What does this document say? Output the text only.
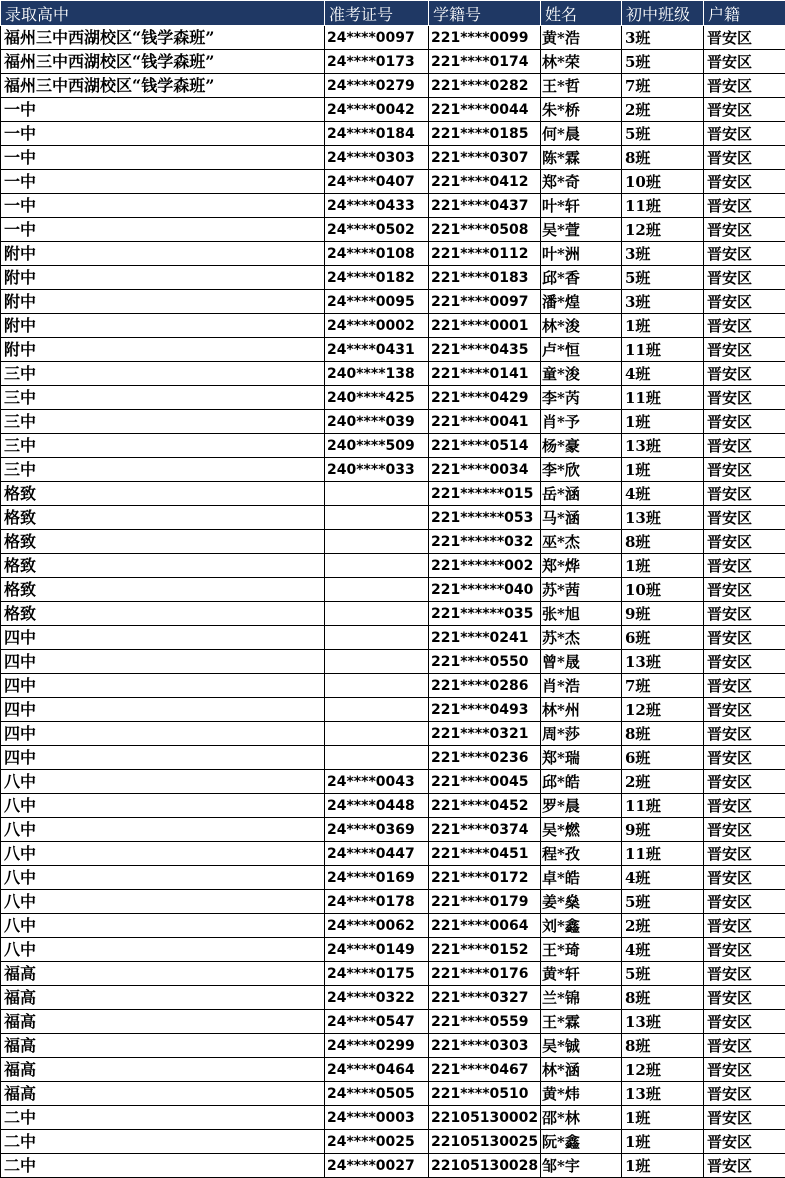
录取高中	准考证号	学籍号	姓名	初中班级	户籍
福州三中西湖校区“钱学森班”	24****0097	221****0099	黄*浩	3班	晋安区
福州三中西湖校区“钱学森班”	24****0173	221****0174	林*荣	5班	晋安区
福州三中西湖校区“钱学森班”	24****0279	221****0282	王*哲	7班	晋安区
一中	24****0042	221****0044	朱*桥	2班	晋安区
一中	24****0184	221****0185	何*晨	5班	晋安区
一中	24****0303	221****0307	陈*霖	8班	晋安区
一中	24****0407	221****0412	郑*奇	10班	晋安区
一中	24****0433	221****0437	叶*轩	11班	晋安区
一中	24****0502	221****0508	吴*萱	12班	晋安区
附中	24****0108	221****0112	叶*洲	3班	晋安区
附中	24****0182	221****0183	邱*香	5班	晋安区
附中	24****0095	221****0097	潘*煌	3班	晋安区
附中	24****0002	221****0001	林*浚	1班	晋安区
附中	24****0431	221****0435	卢*恒	11班	晋安区
三中	240****138	221****0141	童*浚	4班	晋安区
三中	240****425	221****0429	李*芮	11班	晋安区
三中	240****039	221****0041	肖*予	1班	晋安区
三中	240****509	221****0514	杨*豪	13班	晋安区
三中	240****033	221****0034	李*欣	1班	晋安区
格致		221******015	岳*涵	4班	晋安区
格致		221******053	马*涵	13班	晋安区
格致		221******032	巫*杰	8班	晋安区
格致		221******002	郑*烨	1班	晋安区
格致		221******040	苏*茜	10班	晋安区
格致		221******035	张*旭	9班	晋安区
四中		221****0241	苏*杰	6班	晋安区
四中		221****0550	曾*晟	13班	晋安区
四中		221****0286	肖*浩	7班	晋安区
四中		221****0493	林*州	12班	晋安区
四中		221****0321	周*莎	8班	晋安区
四中		221****0236	郑*瑞	6班	晋安区
八中	24****0043	221****0045	邱*皓	2班	晋安区
八中	24****0448	221****0452	罗*晨	11班	晋安区
八中	24****0369	221****0374	吴*燃	9班	晋安区
八中	24****0447	221****0451	程*孜	11班	晋安区
八中	24****0169	221****0172	卓*皓	4班	晋安区
八中	24****0178	221****0179	姜*燊	5班	晋安区
八中	24****0062	221****0064	刘*鑫	2班	晋安区
八中	24****0149	221****0152	王*琦	4班	晋安区
福高	24****0175	221****0176	黄*轩	5班	晋安区
福高	24****0322	221****0327	兰*锦	8班	晋安区
福高	24****0547	221****0559	王*霖	13班	晋安区
福高	24****0299	221****0303	吴*铖	8班	晋安区
福高	24****0464	221****0467	林*涵	12班	晋安区
福高	24****0505	221****0510	黄*炜	13班	晋安区
二中	24****0003	22105130002	邵*林	1班	晋安区
二中	24****0025	22105130025	阮*鑫	1班	晋安区
二中	24****0027	22105130028	邹*宇	1班	晋安区
